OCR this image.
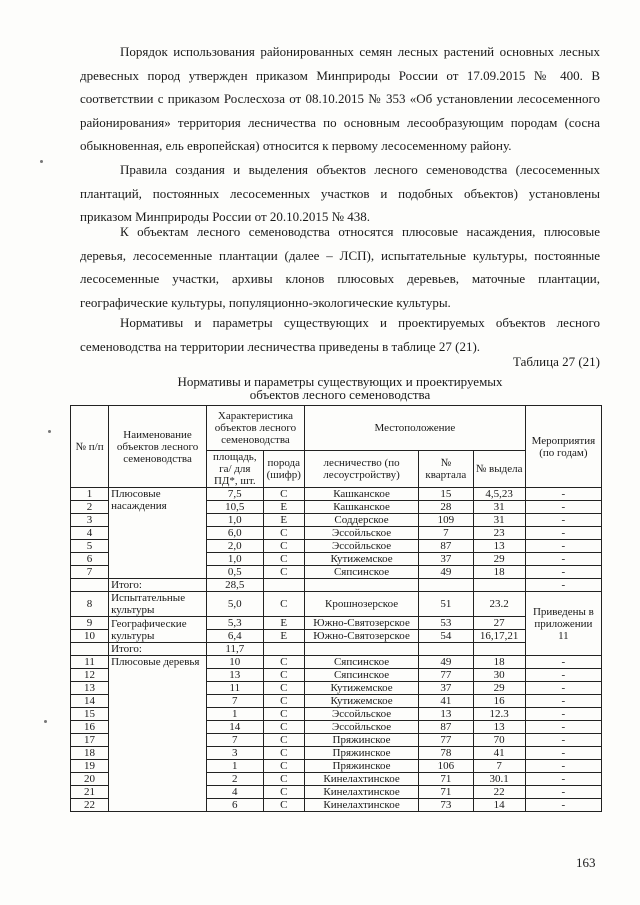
Порядок использования районированных семян лесных растений основных лесных древесных пород утвержден приказом Минприроды России от 17.09.2015 № 400. В соответствии с приказом Рослесхоза от 08.10.2015 № 353 «Об установлении лесосеменного районирования» территория лесничества по основным лесообразующим породам (сосна обыкновенная, ель европейская) относится к первому лесосеменному району.

Правила создания и выделения объектов лесного семеноводства (лесосеменных плантаций, постоянных лесосеменных участков и подобных объектов) установлены приказом Минприроды России от 20.10.2015 № 438.

К объектам лесного семеноводства относятся плюсовые насаждения, плюсовые деревья, лесосеменные плантации (далее – ЛСП), испытательные культуры, постоянные лесосеменные участки, архивы клонов плюсовых деревьев, маточные плантации, географические культуры, популяционно-экологические культуры.

Нормативы и параметры существующих и проектируемых объектов лесного семеноводства на территории лесничества приведены в таблице 27 (21).

Таблица 27 (21)
Нормативы и параметры существующих и проектируемых
объектов лесного семеноводства
№ п/п	Наименование объектов лесного семеноводства	Характеристика объектов лесного семеноводства		Местоположение			Мероприятия (по годам)
		площадь, га/ для ПД*, шт.	порода (шифр)	лесничество (по лесоустройству)	№ квартала	№ выдела	
1	Плюсовые насаждения	7,5	С	Кашканское	15	4,5,23	-
2		10,5	Е	Кашканское	28	31	-
3		1,0	Е	Соддерское	109	31	-
4		6,0	С	Эссойльское	7	23	-
5		2,0	С	Эссойльское	87	13	-
6		1,0	С	Кутижемское	37	29	-
7		0,5	С	Сяпсинское	49	18	-
	Итого:	28,5					-
8	Испытательные культуры	5,0	С	Крошнозерское	51	23.2	Приведены в приложении 11
9	Географические культуры	5,3	Е	Южно-Святозерское	53	27	
10		6,4	Е	Южно-Святозерское	54	16,17,21	
	Итого:	11,7					
11	Плюсовые деревья	10	С	Сяпсинское	49	18	-
12		13	С	Сяпсинское	77	30	-
13		11	С	Кутижемское	37	29	-
14		7	С	Кутижемское	41	16	-
15		1	С	Эссойльское	13	12.3	-
16		14	С	Эссойльское	87	13	-
17		7	С	Пряжинское	77	70	-
18		3	С	Пряжинское	78	41	-
19		1	С	Пряжинское	106	7	-
20		2	С	Кинелахтинское	71	30.1	-
21		4	С	Кинелахтинское	71	22	-
22		6	С	Кинелахтинское	73	14	-
163
